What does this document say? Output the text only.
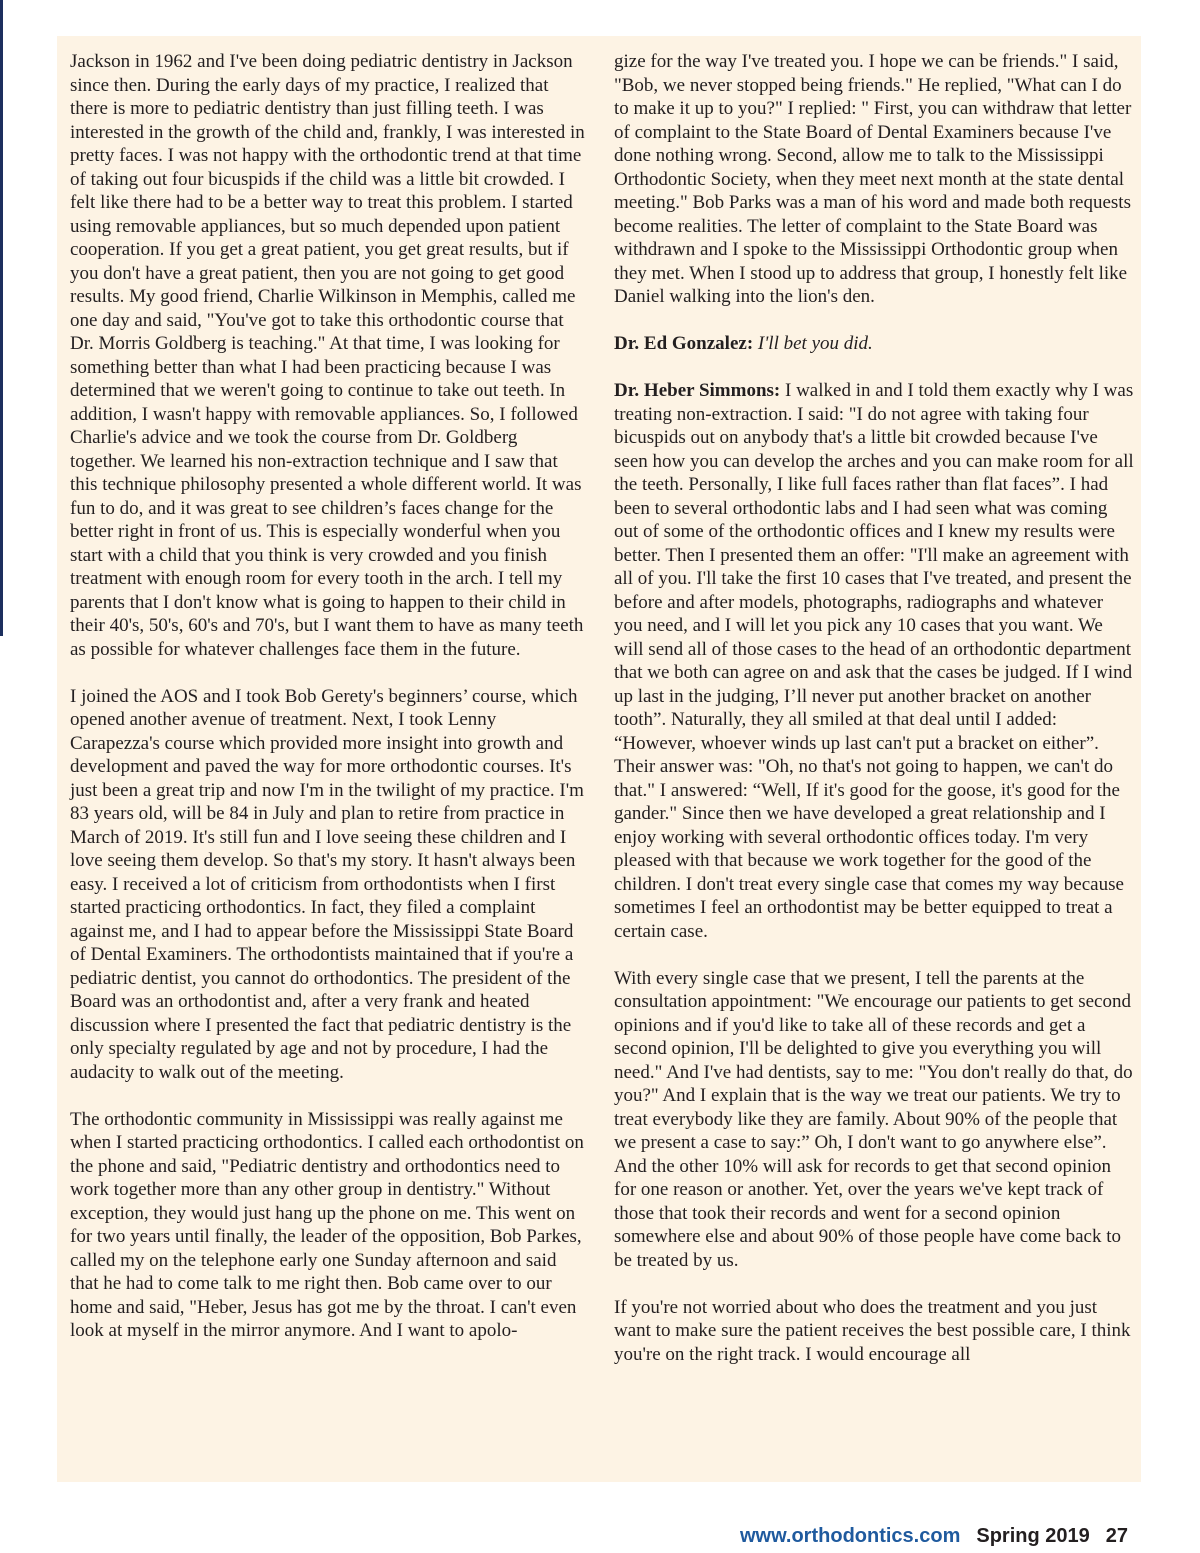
Jackson in 1962 and I've been doing pediatric dentistry in Jackson since then. During the early days of my practice, I realized that there is more to pediatric dentistry than just filling teeth. I was interested in the growth of the child and, frankly, I was interested in pretty faces. I was not happy with the orthodontic trend at that time of taking out four bicuspids if the child was a little bit crowded. I felt like there had to be a better way to treat this problem. I started using removable appliances, but so much depended upon patient cooperation. If you get a great patient, you get great results, but if you don't have a great patient, then you are not going to get good results. My good friend, Charlie Wilkinson in Memphis, called me one day and said, "You've got to take this orthodontic course that Dr. Morris Goldberg is teaching." At that time, I was looking for something better than what I had been practicing because I was determined that we weren't going to continue to take out teeth. In addition, I wasn't happy with removable appliances. So, I followed Charlie's advice and we took the course from Dr. Goldberg together. We learned his non-extraction technique and I saw that this technique philosophy presented a whole different world. It was fun to do, and it was great to see children’s faces change for the better right in front of us. This is especially wonderful when you start with a child that you think is very crowded and you finish treatment with enough room for every tooth in the arch. I tell my parents that I don't know what is going to happen to their child in their 40's, 50's, 60's and 70's, but I want them to have as many teeth as possible for whatever challenges face them in the future.

I joined the AOS and I took Bob Gerety's beginners’ course, which opened another avenue of treatment. Next, I took Lenny Carapezza's course which provided more insight into growth and development and paved the way for more orthodontic courses. It's just been a great trip and now I'm in the twilight of my practice. I'm 83 years old, will be 84 in July and plan to retire from practice in March of 2019. It's still fun and I love seeing these children and I love seeing them develop. So that's my story. It hasn't always been easy. I received a lot of criticism from orthodontists when I first started practicing orthodontics. In fact, they filed a complaint against me, and I had to appear before the Mississippi State Board of Dental Examiners. The orthodontists maintained that if you're a pediatric dentist, you cannot do orthodontics. The president of the Board was an orthodontist and, after a very frank and heated discussion where I presented the fact that pediatric dentistry is the only specialty regulated by age and not by procedure, I had the audacity to walk out of the meeting.

The orthodontic community in Mississippi was really against me when I started practicing orthodontics. I called each orthodontist on the phone and said, "Pediatric dentistry and orthodontics need to work together more than any other group in dentistry." Without exception, they would just hang up the phone on me. This went on for two years until finally, the leader of the opposition, Bob Parkes, called my on the telephone early one Sunday afternoon and said that he had to come talk to me right then. Bob came over to our home and said, "Heber, Jesus has got me by the throat. I can't even look at myself in the mirror anymore. And I want to apolo-

gize for the way I've treated you. I hope we can be friends." I said, "Bob, we never stopped being friends." He replied, "What can I do to make it up to you?" I replied: " First, you can withdraw that letter of complaint to the State Board of Dental Examiners because I've done nothing wrong. Second, allow me to talk to the Mississippi Orthodontic Society, when they meet next month at the state dental meeting." Bob Parks was a man of his word and made both requests become realities. The letter of complaint to the State Board was withdrawn and I spoke to the Mississippi Orthodontic group when they met. When I stood up to address that group, I honestly felt like Daniel walking into the lion's den.

Dr. Ed Gonzalez: I'll bet you did.

Dr. Heber Simmons: I walked in and I told them exactly why I was treating non-extraction. I said: "I do not agree with taking four bicuspids out on anybody that's a little bit crowded because I've seen how you can develop the arches and you can make room for all the teeth. Personally, I like full faces rather than flat faces”. I had been to several orthodontic labs and I had seen what was coming out of some of the orthodontic offices and I knew my results were better. Then I presented them an offer: "I'll make an agreement with all of you. I'll take the first 10 cases that I've treated, and present the before and after models, photographs, radiographs and whatever you need, and I will let you pick any 10 cases that you want. We will send all of those cases to the head of an orthodontic department that we both can agree on and ask that the cases be judged. If I wind up last in the judging, I’ll never put another bracket on another tooth”. Naturally, they all smiled at that deal until I added: “However, whoever winds up last can't put a bracket on either”. Their answer was: "Oh, no that's not going to happen, we can't do that." I answered: “Well, If it's good for the goose, it's good for the gander." Since then we have developed a great relationship and I enjoy working with several orthodontic offices today. I'm very pleased with that because we work together for the good of the children. I don't treat every single case that comes my way because sometimes I feel an orthodontist may be better equipped to treat a certain case.

With every single case that we present, I tell the parents at the consultation appointment: "We encourage our patients to get second opinions and if you'd like to take all of these records and get a second opinion, I'll be delighted to give you everything you will need." And I've had dentists, say to me: "You don't really do that, do you?" And I explain that is the way we treat our patients. We try to treat everybody like they are family. About 90% of the people that we present a case to say:” Oh, I don't want to go anywhere else”. And the other 10% will ask for records to get that second opinion for one reason or another. Yet, over the years we've kept track of those that took their records and went for a second opinion somewhere else and about 90% of those people have come back to be treated by us.

If you're not worried about who does the treatment and you just want to make sure the patient receives the best possible care, I think you're on the right track. I would encourage all

www.orthodontics.com Spring 2019 27
